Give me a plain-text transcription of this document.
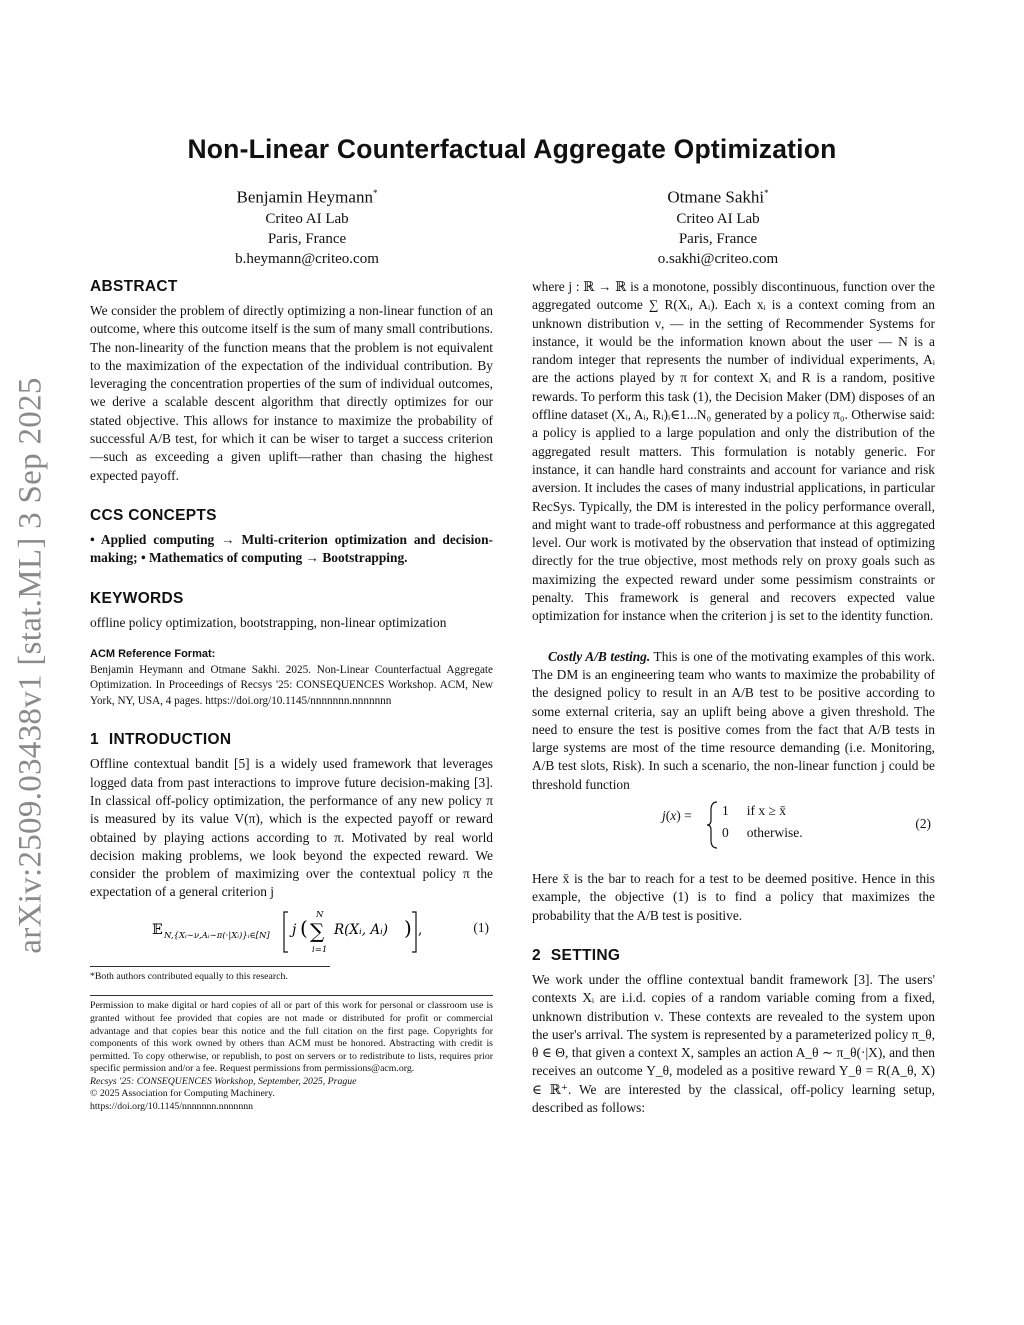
arXiv:2509.03438v1 [stat.ML] 3 Sep 2025
Non-Linear Counterfactual Aggregate Optimization
Benjamin Heymann*
Criteo AI Lab
Paris, France
b.heymann@criteo.com
Otmane Sakhi*
Criteo AI Lab
Paris, France
o.sakhi@criteo.com
ABSTRACT

We consider the problem of directly optimizing a non-linear function of an outcome, where this outcome itself is the sum of many small contributions. The non-linearity of the function means that the problem is not equivalent to the maximization of the expectation of the individual contribution. By leveraging the concentration properties of the sum of individual outcomes, we derive a scalable descent algorithm that directly optimizes for our stated objective. This allows for instance to maximize the probability of successful A/B test, for which it can be wiser to target a success criterion—such as exceeding a given uplift—rather than chasing the highest expected payoff.

CCS CONCEPTS

• Applied computing → Multi-criterion optimization and decision-making; • Mathematics of computing → Bootstrapping.

KEYWORDS

offline policy optimization, bootstrapping, non-linear optimization

ACM Reference Format:

Benjamin Heymann and Otmane Sakhi. 2025. Non-Linear Counterfactual Aggregate Optimization. In Proceedings of Recsys '25: CONSEQUENCES Workshop. ACM, New York, NY, USA, 4 pages. https://doi.org/10.1145/nnnnnnn.nnnnnnn

1 INTRODUCTION

Offline contextual bandit [5] is a widely used framework that leverages logged data from past interactions to improve future decision-making [3]. In classical off-policy optimization, the performance of any new policy π is measured by its value V(π), which is the expected payoff or reward obtained by playing actions according to π. Motivated by real world decision making problems, we look beyond the expected reward. We consider the problem of maximizing over the contextual policy π the expectation of a general criterion j

𝔼 N,{Xᵢ∼ν,Aᵢ∼π(·|Xᵢ)}ᵢ∈[N] j ( ∑
N
i=1
R(Xᵢ, Aᵢ) ) ,	(1)

*Both authors contributed equally to this research.

Permission to make digital or hard copies of all or part of this work for personal or classroom use is granted without fee provided that copies are not made or distributed for profit or commercial advantage and that copies bear this notice and the full citation on the first page. Copyrights for components of this work owned by others than ACM must be honored. Abstracting with credit is permitted. To copy otherwise, or republish, to post on servers or to redistribute to lists, requires prior specific permission and/or a fee. Request permissions from permissions@acm.org.

Recsys '25: CONSEQUENCES Workshop, September, 2025, Prague

© 2025 Association for Computing Machinery.

https://doi.org/10.1145/nnnnnnn.nnnnnnn

where j : ℝ → ℝ is a monotone, possibly discontinuous, function over the aggregated outcome ∑ R(Xᵢ, Aᵢ). Each xᵢ is a context coming from an unknown distribution ν, — in the setting of Recommender Systems for instance, it would be the information known about the user — N is a random integer that represents the number of individual experiments, Aᵢ are the actions played by π for context Xᵢ and R is a random, positive rewards. To perform this task (1), the Decision Maker (DM) disposes of an offline dataset (Xᵢ, Aᵢ, Rᵢ)ᵢ∈1...N₀ generated by a policy π₀. Otherwise said: a policy is applied to a large population and only the distribution of the aggregated result matters. This formulation is notably generic. For instance, it can handle hard constraints and account for variance and risk aversion. It includes the cases of many industrial applications, in particular RecSys. Typically, the DM is interested in the policy performance overall, and might want to trade-off robustness and performance at this aggregated level. Our work is motivated by the observation that instead of optimizing directly for the true objective, most methods rely on proxy goals such as maximizing the expected reward under some pessimism constraints or penalty. This framework is general and recovers expected value optimization for instance when the criterion j is set to the identity function.

Costly A/B testing. This is one of the motivating examples of this work. The DM is an engineering team who wants to maximize the probability of the designed policy to result in an A/B test to be positive according to some external criteria, say an uplift being above a given threshold. The need to ensure the test is positive comes from the fact that A/B tests in large systems are most of the time resource demanding (i.e. Monitoring, A/B test slots, Risk). In such a scenario, the non-linear function j could be threshold function

j(x) = 1 if x ≥ x̄
0 otherwise.
(2)

Here x̄ is the bar to reach for a test to be deemed positive. Hence in this example, the objective (1) is to find a policy that maximizes the probability that the A/B test is positive.

2 SETTING

We work under the offline contextual bandit framework [3]. The users' contexts Xᵢ are i.i.d. copies of a random variable coming from a fixed, unknown distribution ν. These contexts are revealed to the system upon the user's arrival. The system is represented by a parameterized policy π_θ, θ ∈ Θ, that given a context X, samples an action A_θ ∼ π_θ(·|X), and then receives an outcome Y_θ, modeled as a positive reward Y_θ = R(A_θ, X) ∈ ℝ⁺. We are interested by the classical, off-policy learning setup, described as follows:
